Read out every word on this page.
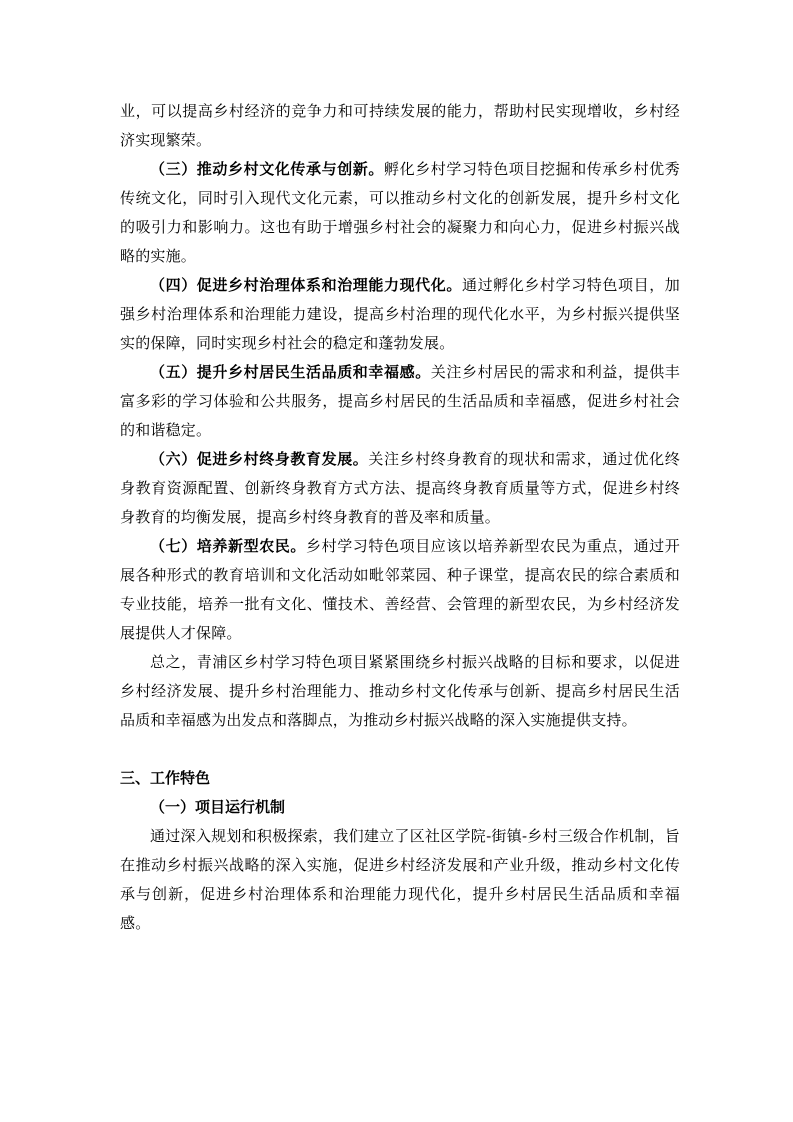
业，可以提高乡村经济的竞争力和可持续发展的能力，帮助村民实现增收，乡村经济实现繁荣。

（三）推动乡村文化传承与创新。孵化乡村学习特色项目挖掘和传承乡村优秀传统文化，同时引入现代文化元素，可以推动乡村文化的创新发展，提升乡村文化的吸引力和影响力。这也有助于增强乡村社会的凝聚力和向心力，促进乡村振兴战略的实施。

（四）促进乡村治理体系和治理能力现代化。通过孵化乡村学习特色项目，加强乡村治理体系和治理能力建设，提高乡村治理的现代化水平，为乡村振兴提供坚实的保障，同时实现乡村社会的稳定和蓬勃发展。

（五）提升乡村居民生活品质和幸福感。关注乡村居民的需求和利益，提供丰富多彩的学习体验和公共服务，提高乡村居民的生活品质和幸福感，促进乡村社会的和谐稳定。

（六）促进乡村终身教育发展。关注乡村终身教育的现状和需求，通过优化终身教育资源配置、创新终身教育方式方法、提高终身教育质量等方式，促进乡村终身教育的均衡发展，提高乡村终身教育的普及率和质量。

（七）培养新型农民。乡村学习特色项目应该以培养新型农民为重点，通过开展各种形式的教育培训和文化活动如毗邻菜园、种子课堂，提高农民的综合素质和专业技能，培养一批有文化、懂技术、善经营、会管理的新型农民，为乡村经济发展提供人才保障。

总之，青浦区乡村学习特色项目紧紧围绕乡村振兴战略的目标和要求，以促进乡村经济发展、提升乡村治理能力、推动乡村文化传承与创新、提高乡村居民生活品质和幸福感为出发点和落脚点，为推动乡村振兴战略的深入实施提供支持。

三、工作特色
（一）项目运行机制

通过深入规划和积极探索，我们建立了区社区学院-街镇-乡村三级合作机制，旨在推动乡村振兴战略的深入实施，促进乡村经济发展和产业升级，推动乡村文化传承与创新，促进乡村治理体系和治理能力现代化，提升乡村居民生活品质和幸福感。
